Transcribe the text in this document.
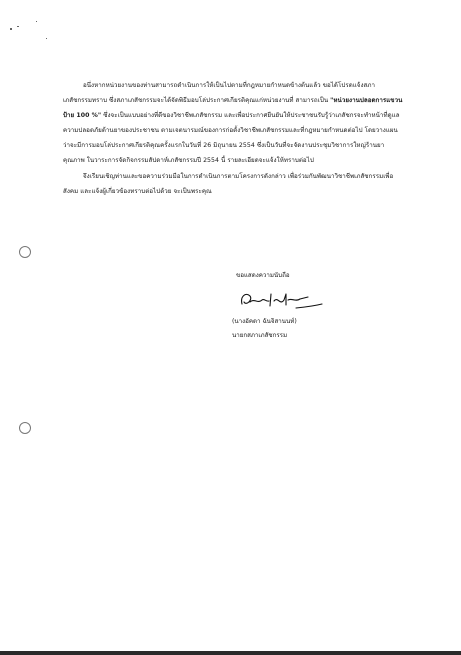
อนึ่งหากหน่วยงานของท่านสามารถดำเนินการให้เป็นไปตามที่กฎหมายกำหนดข้างต้นแล้ว ขอได้โปรดแจ้งสภาเภสัชกรรมทราบ ซึ่งสภาเภสัชกรรมจะได้จัดพิธีมอบโล่ประกาศเกียรติคุณแก่หน่วยงานที่ สามารถเป็น "หน่วยงานปลอดการแขวนป้าย 100 %" ซึ่งจะเป็นแบบอย่างที่ดีของวิชาชีพเภสัชกรรม และเพื่อประกาศยืนยันให้ประชาชนรับรู้ว่าเภสัชกรจะทำหน้าที่ดูแลความปลอดภัยด้านยาของประชาชน ตามเจตนารมณ์ของการก่อตั้งวิชาชีพเภสัชกรรมและที่กฎหมายกำหนดต่อไป โดยวางแผนว่าจะมีการมอบโล่ประกาศเกียรติคุณครั้งแรกในวันที่ 26 มิถุนายน 2554 ซึ่งเป็นวันที่จะจัดงานประชุมวิชาการใหญ่ร้านยาคุณภาพ ในวาระการจัดกิจกรรมสัปดาห์เภสัชกรรมปี 2554 นี้ รายละเอียดจะแจ้งให้ทราบต่อไป

จึงเรียนเชิญท่านและขอความร่วมมือในการดำเนินการตามโครงการดังกล่าว เพื่อร่วมกันพัฒนาวิชาชีพเภสัชกรรมเพื่อสังคม และแจ้งผู้เกี่ยวข้องทราบต่อไปด้วย จะเป็นพระคุณ

ขอแสดงความนับถือ
(นางอัคดา ฉันจิสานนท์)
นายกสภาเภสัชกรรม
